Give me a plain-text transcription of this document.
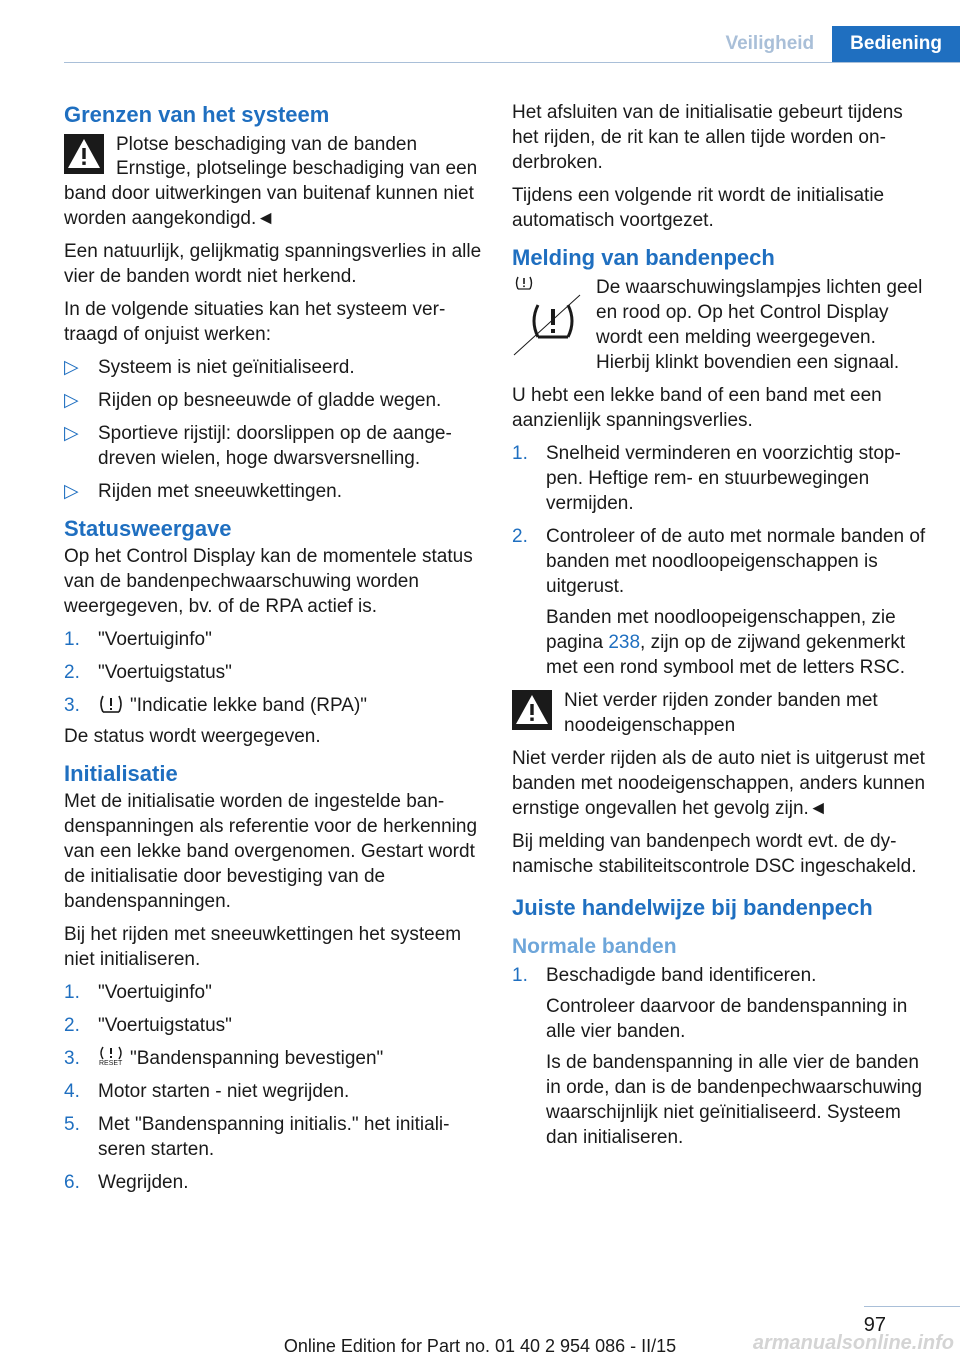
Veiligheid	Bediening
Grenzen van het systeem
Plotse beschadiging van de banden

Ernstige, plotselinge beschadiging van een band door uitwerkingen van buitenaf kunnen niet worden aangekondigd.◄

Een natuurlijk, gelijkmatig spanningsverlies in alle vier de banden wordt niet herkend.

In de volgende situaties kan het systeem vertraagd of onjuist werken:

▷	Systeem is niet geïnitialiseerd.
▷	Rijden op besneeuwde of gladde wegen.
▷	Sportieve rijstijl: doorslippen op de aangedreven wielen, hoge dwarsversnelling.
▷	Rijden met sneeuwkettingen.
Statusweergave

Op het Control Display kan de momentele status van de bandenpechwaarschuwing worden weergegeven, bv. of de RPA actief is.

1. "Voertuiginfo"
2. "Voertuigstatus"
3.	"Indicatie lekke band (RPA)"

De status wordt weergegeven.

Initialisatie

Met de initialisatie worden de ingestelde bandenspanningen als referentie voor de herkenning van een lekke band overgenomen. Gestart wordt de initialisatie door bevestiging van de bandenspanningen.

Bij het rijden met sneeuwkettingen het systeem niet initialiseren.

1. "Voertuiginfo"
2. "Voertuigstatus"
3.	RESET "Bandenspanning bevestigen"
4. Motor starten - niet wegrijden.
5. Met "Bandenspanning initialis." het initialiseren starten.
6. Wegrijden.

Het afsluiten van de initialisatie gebeurt tijdens het rijden, de rit kan te allen tijde worden onderbroken.

Tijdens een volgende rit wordt de initialisatie automatisch voortgezet.

Melding van bandenpech
De waarschuwingslampjes lichten geel en rood op. Op het Control Display wordt een melding weergegeven. Hierbij klinkt bovendien een signaal.

U hebt een lekke band of een band met een aanzienlijk spanningsverlies.

1. Snelheid verminderen en voorzichtig stoppen. Heftige rem- en stuurbewegingen vermijden.
2. Controleer of de auto met normale banden of banden met noodloopeigenschappen is uitgerust.

Banden met noodloopeigenschappen, zie pagina 238, zijn op de zijwand gekenmerkt met een rond symbool met de letters RSC.

Niet verder rijden zonder banden met noodeigenschappen

Niet verder rijden als de auto niet is uitgerust met banden met noodeigenschappen, anders kunnen ernstige ongevallen het gevolg zijn.◄

Bij melding van bandenpech wordt evt. de dynamische stabiliteitscontrole DSC ingeschakeld.

Juiste handelwijze bij bandenpech
Normale banden
1. Beschadigde band identificeren.

Controleer daarvoor de bandenspanning in alle vier banden.

Is de bandenspanning in alle vier de banden in orde, dan is de bandenpechwaarschuwing waarschijnlijk niet geïnitialiseerd. Systeem dan initialiseren.

97
Online Edition for Part no. 01 40 2 954 086 - II/15	armanualsonline.info
